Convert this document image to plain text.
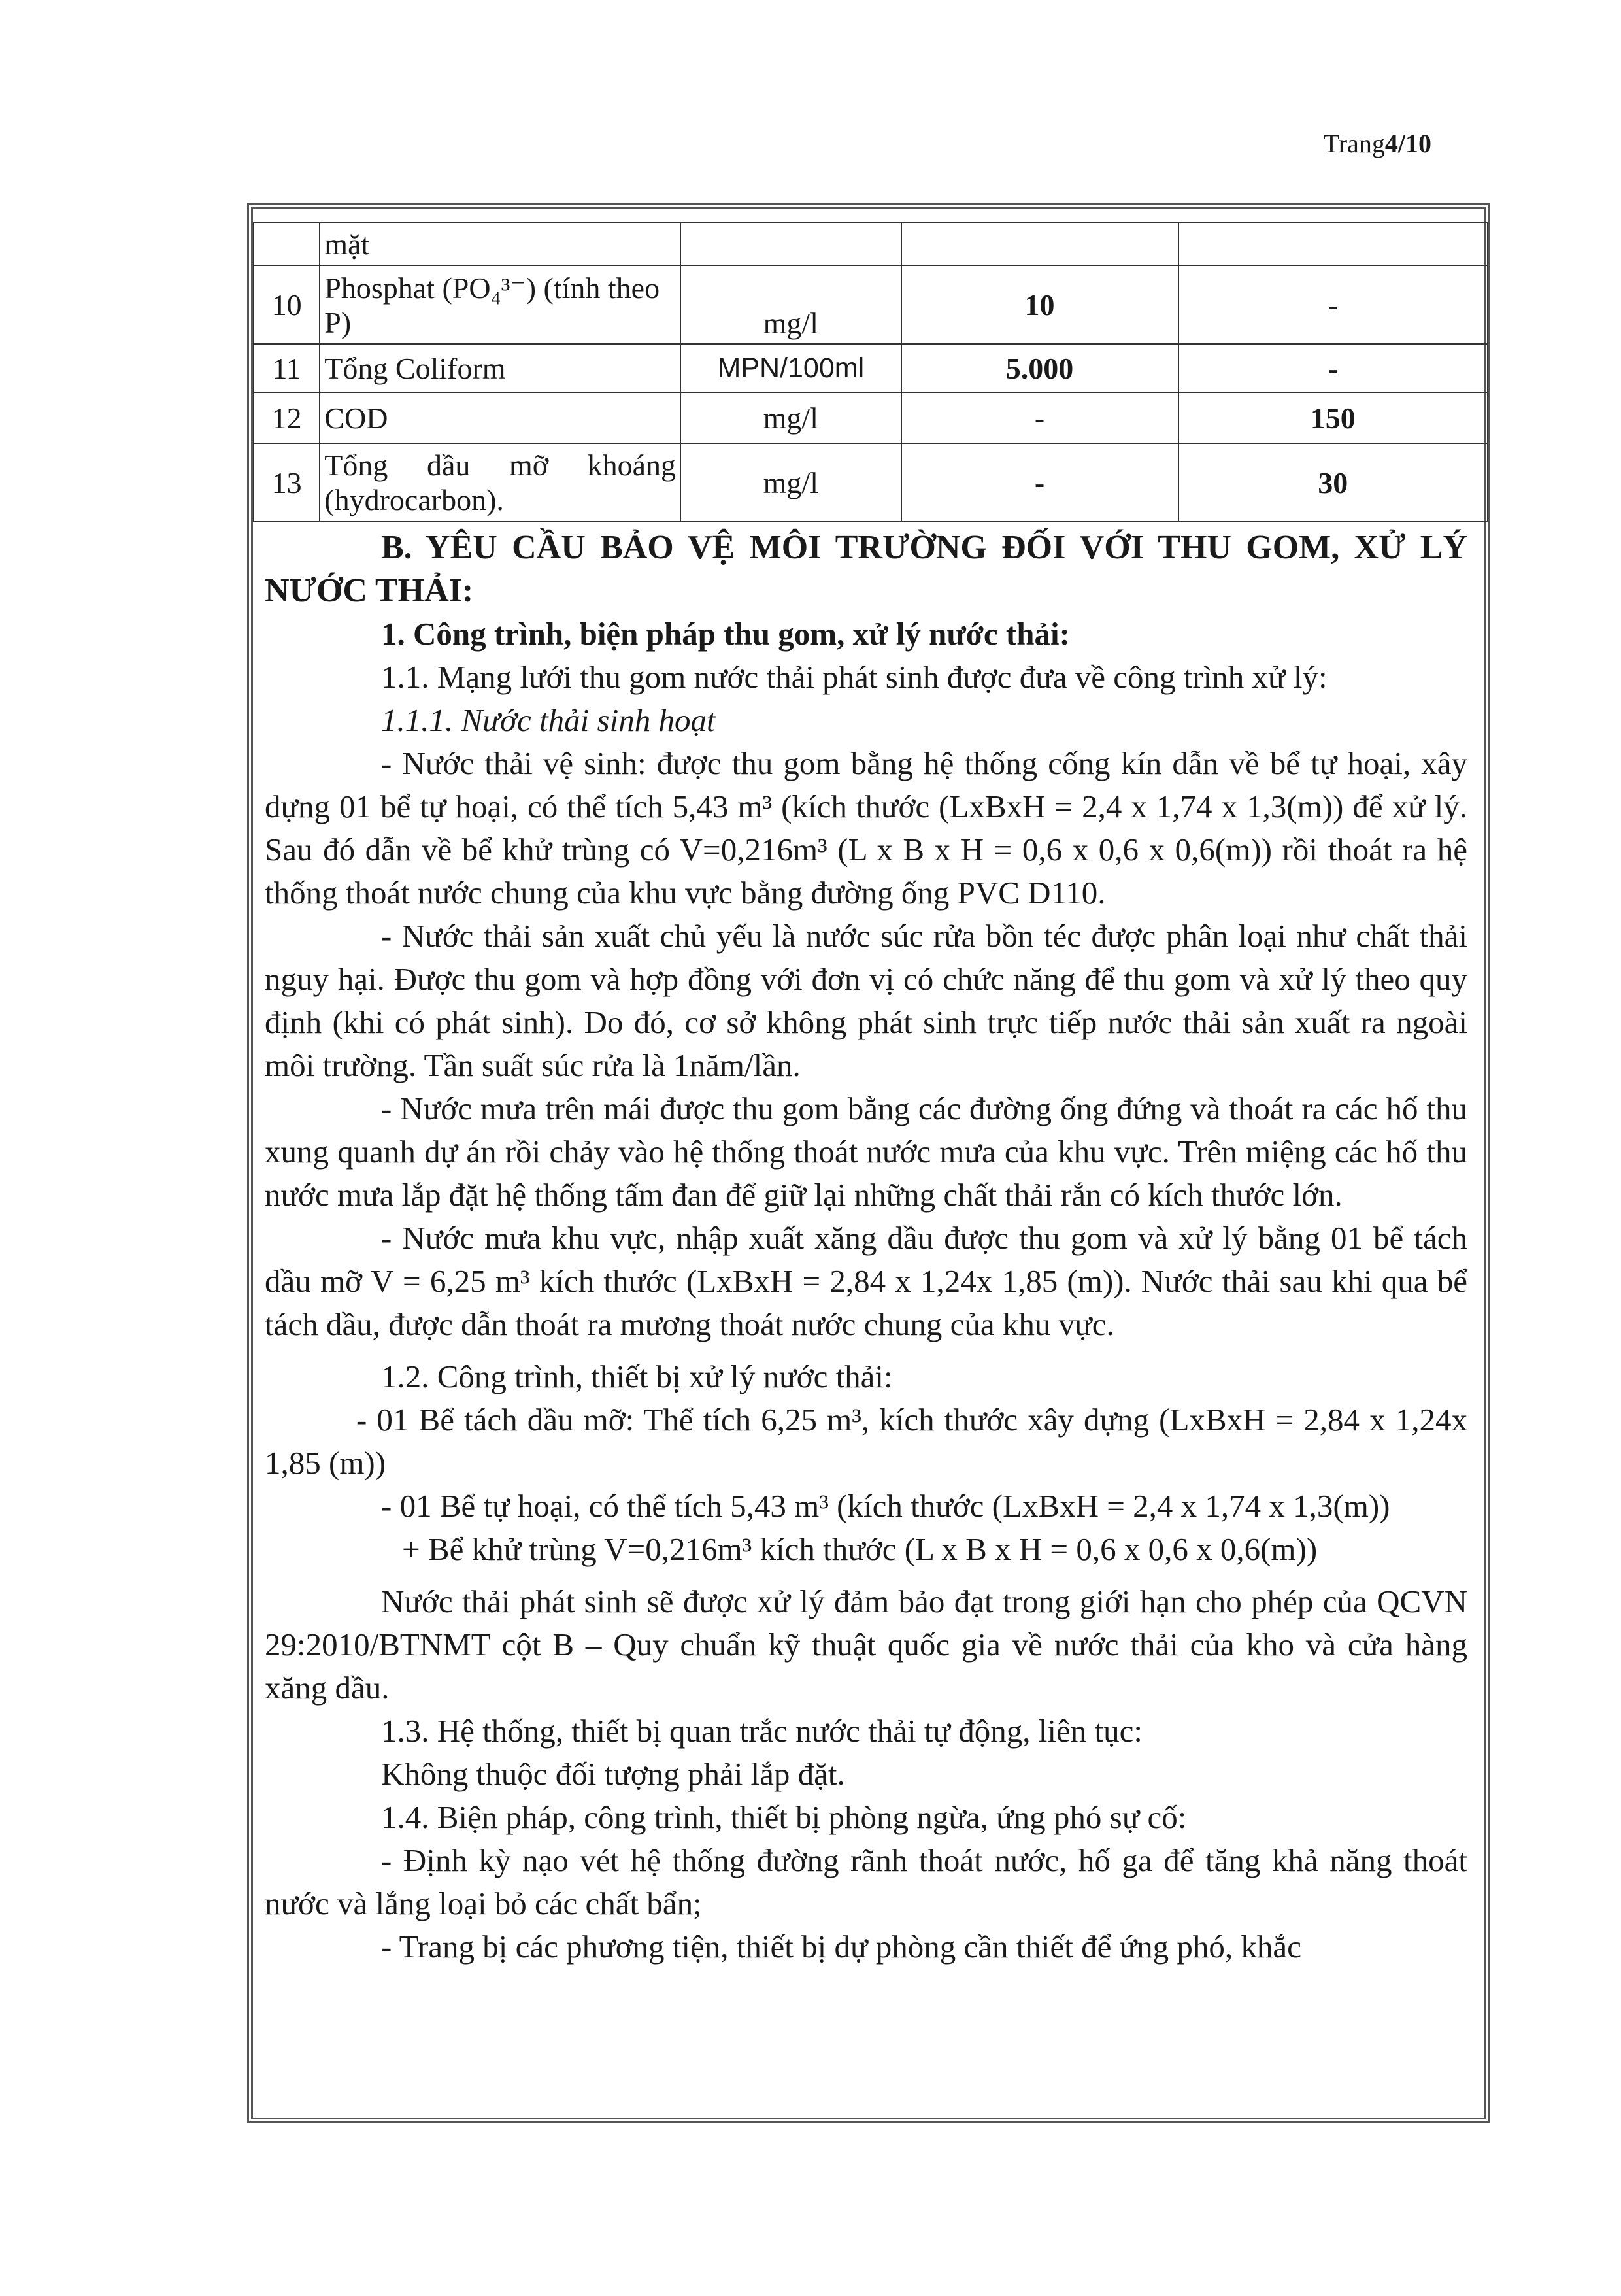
Trang4/10
	mặt			
10	Phosphat (PO₄³⁻) (tính theo P)	mg/l	10	-
11	Tổng Coliform	MPN/100ml	5.000	-
12	COD	mg/l	-	150
13	Tổng dầu mỡ khoáng (hydrocarbon).	mg/l	-	30

B. YÊU CẦU BẢO VỆ MÔI TRƯỜNG ĐỐI VỚI THU GOM, XỬ LÝ NƯỚC THẢI:

1. Công trình, biện pháp thu gom, xử lý nước thải:

1.1. Mạng lưới thu gom nước thải phát sinh được đưa về công trình xử lý:

1.1.1. Nước thải sinh hoạt

- Nước thải vệ sinh: được thu gom bằng hệ thống cống kín dẫn về bể tự hoại, xây dựng 01 bể tự hoại, có thể tích 5,43 m³ (kích thước (LxBxH = 2,4 x 1,74 x 1,3(m)) để xử lý. Sau đó dẫn về bể khử trùng có V=0,216m³ (L x B x H = 0,6 x 0,6 x 0,6(m)) rồi thoát ra hệ thống thoát nước chung của khu vực bằng đường ống PVC D110.

- Nước thải sản xuất chủ yếu là nước súc rửa bồn téc được phân loại như chất thải nguy hại. Được thu gom và hợp đồng với đơn vị có chức năng để thu gom và xử lý theo quy định (khi có phát sinh). Do đó, cơ sở không phát sinh trực tiếp nước thải sản xuất ra ngoài môi trường. Tần suất súc rửa là 1năm/lần.

- Nước mưa trên mái được thu gom bằng các đường ống đứng và thoát ra các hố thu xung quanh dự án rồi chảy vào hệ thống thoát nước mưa của khu vực. Trên miệng các hố thu nước mưa lắp đặt hệ thống tấm đan để giữ lại những chất thải rắn có kích thước lớn.

- Nước mưa khu vực, nhập xuất xăng dầu được thu gom và xử lý bằng 01 bể tách dầu mỡ V = 6,25 m³ kích thước (LxBxH = 2,84 x 1,24x 1,85 (m)). Nước thải sau khi qua bể tách dầu, được dẫn thoát ra mương thoát nước chung của khu vực.

1.2. Công trình, thiết bị xử lý nước thải:

- 01 Bể tách dầu mỡ: Thể tích 6,25 m³, kích thước xây dựng (LxBxH = 2,84 x 1,24x 1,85 (m))

- 01 Bể tự hoại, có thể tích 5,43 m³ (kích thước (LxBxH = 2,4 x 1,74 x 1,3(m))

+ Bể khử trùng V=0,216m³ kích thước (L x B x H = 0,6 x 0,6 x 0,6(m))

Nước thải phát sinh sẽ được xử lý đảm bảo đạt trong giới hạn cho phép của QCVN 29:2010/BTNMT cột B – Quy chuẩn kỹ thuật quốc gia về nước thải của kho và cửa hàng xăng dầu.

1.3. Hệ thống, thiết bị quan trắc nước thải tự động, liên tục:

Không thuộc đối tượng phải lắp đặt.

1.4. Biện pháp, công trình, thiết bị phòng ngừa, ứng phó sự cố:

- Định kỳ nạo vét hệ thống đường rãnh thoát nước, hố ga để tăng khả năng thoát nước và lắng loại bỏ các chất bẩn;

- Trang bị các phương tiện, thiết bị dự phòng cần thiết để ứng phó, khắc
